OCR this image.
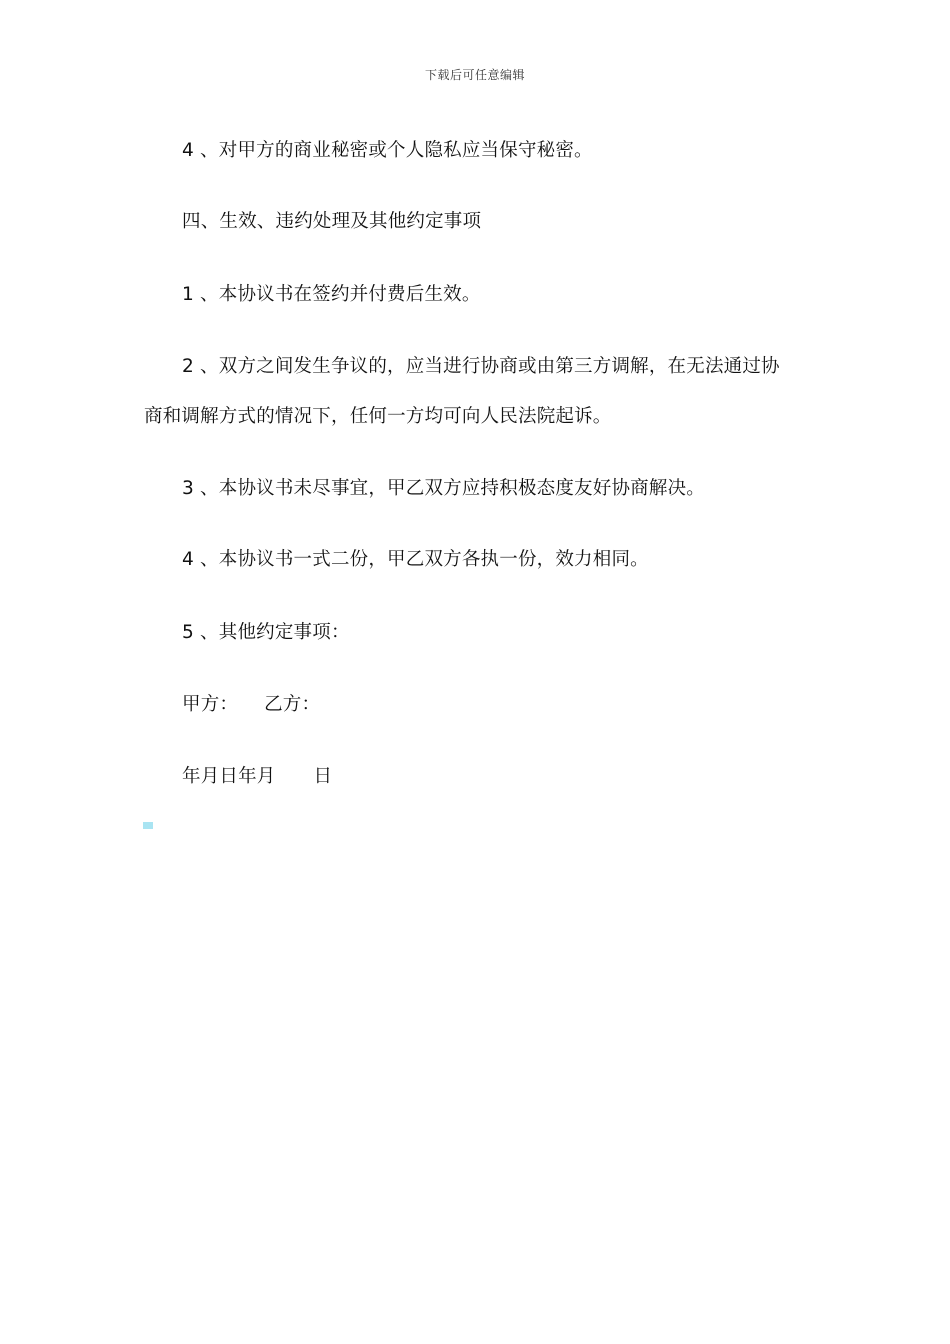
下载后可任意编辑
4 、对甲方的商业秘密或个人隐私应当保守秘密。
四、生效、违约处理及其他约定事项
1 、本协议书在签约并付费后生效。
2 、双方之间发生争议的，应当进行协商或由第三方调解，在无法通过协
商和调解方式的情况下，任何一方均可向人民法院起诉。
3 、本协议书未尽事宜，甲乙双方应持积极态度友好协商解决。
4 、本协议书一式二份，甲乙双方各执一份，效力相同。
5 、其他约定事项：
甲方： 乙方：
年月日年月 日
